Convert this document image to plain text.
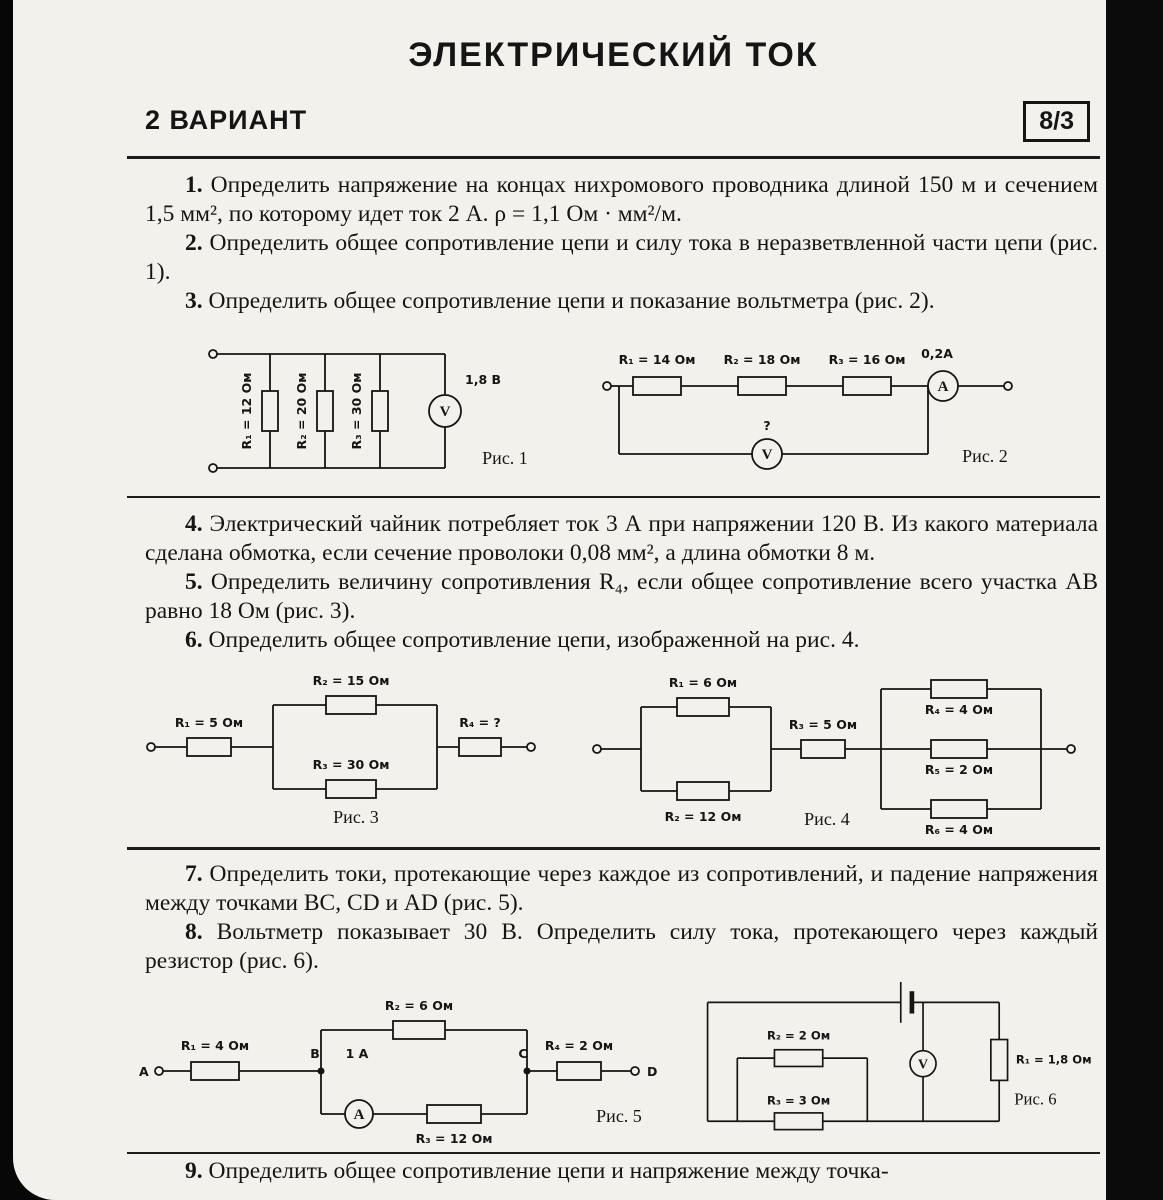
ЭЛЕКТРИЧЕСКИЙ ТОК
2 ВАРИАНТ

1. Определить напряжение на концах нихромового проводника длиной 150 м и сечением 1,5 мм², по которому идет ток 2 А. ρ = 1,1 Ом · мм²/м.

2. Определить общее сопротивление цепи и силу тока в неразветвленной части цепи (рис. 1).

3. Определить общее сопротивление цепи и показание вольтметра (рис. 2).

V
R₁ = 12 Ом	R₂ = 20 Ом	R₃ = 30 Ом	1,8 В
Рис. 1
A
V
R₁ = 14 Ом R₂ = 18 Ом R₃ = 16 Ом 0,2А
?
Рис. 2

4. Электрический чайник потребляет ток 3 А при напряжении 120 В. Из какого материала сделана обмотка, если сечение проволоки 0,08 мм², а длина обмотки 8 м.

5. Определить величину сопротивления R₄, если общее сопротивление всего участка АВ равно 18 Ом (рис. 3).

6. Определить общее сопротивление цепи, изображенной на рис. 4.

R₁ = 5 Ом
R₂ = 15 Ом
R₃ = 30 Ом
R₄ = ?
Рис. 3
R₁ = 6 Ом
R₂ = 12 Ом
R₃ = 5 Ом
R₄ = 4 Ом
R₅ = 2 Ом
R₆ = 4 Ом
Рис. 4

7. Определить токи, протекающие через каждое из сопротивлений, и падение напряжения между точками ВС, CD и AD (рис. 5).

8. Вольтметр показывает 30 В. Определить силу тока, протекающего через каждый резистор (рис. 6).

A
А
В 1 А	С
D
R₁ = 4 Ом
R₂ = 6 Ом
R₃ = 12 Ом
R₄ = 2 Ом
Рис. 5
V
R₂ = 2 Ом
R₃ = 3 Ом
R₁ = 1,8 Ом
Рис. 6

9. Определить общее сопротивление цепи и напряжение между точка-

8/3
